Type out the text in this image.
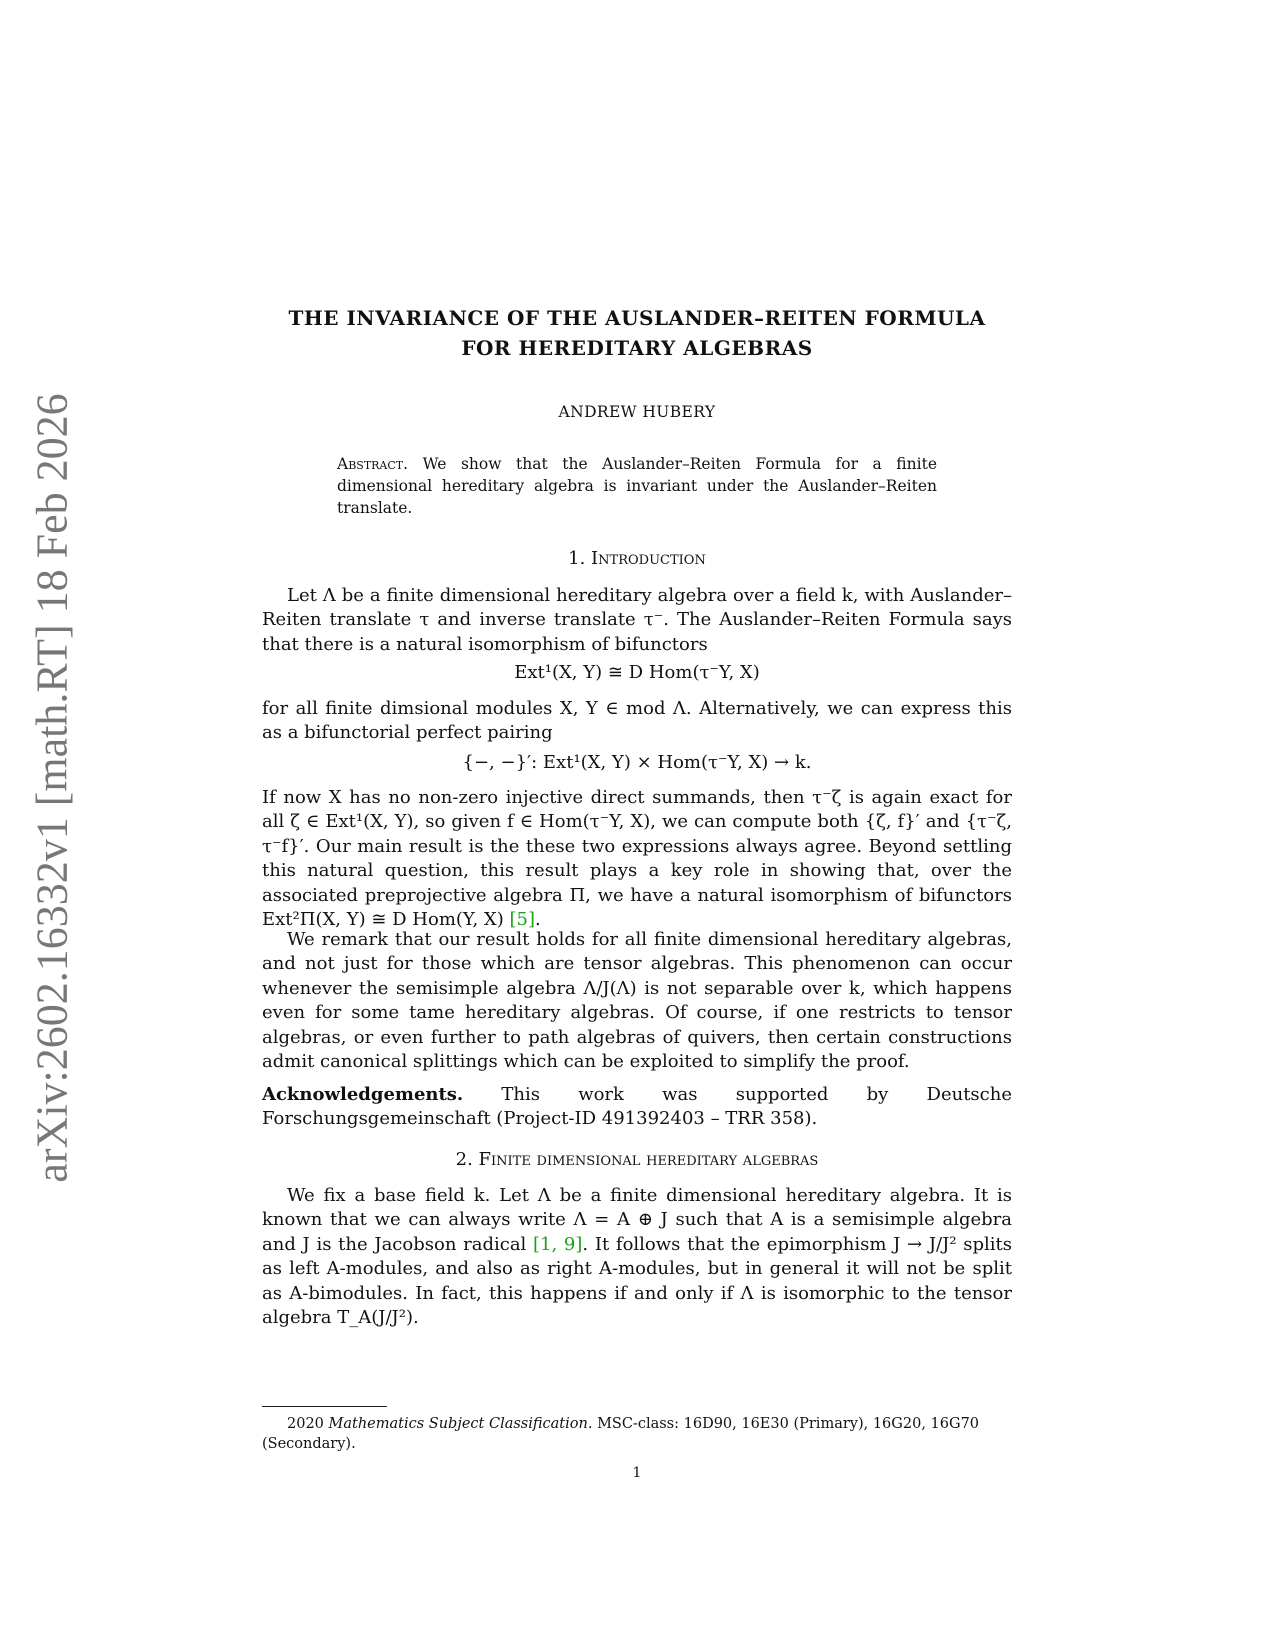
arXiv:2602.16332v1 [math.RT] 18 Feb 2026
THE INVARIANCE OF THE AUSLANDER–REITEN FORMULA
FOR HEREDITARY ALGEBRAS
ANDREW HUBERY
Abstract. We show that the Auslander–Reiten Formula for a finite dimensional hereditary algebra is invariant under the Auslander–Reiten translate.
1. Introduction
Let Λ be a finite dimensional hereditary algebra over a field k, with Auslander–Reiten translate τ and inverse translate τ⁻. The Auslander–Reiten Formula says that there is a natural isomorphism of bifunctors
Ext¹(X, Y) ≅ D Hom(τ⁻Y, X)
for all finite dimsional modules X, Y ∈ mod Λ. Alternatively, we can express this as a bifunctorial perfect pairing
{−, −}′: Ext¹(X, Y) × Hom(τ⁻Y, X) → k.
If now X has no non-zero injective direct summands, then τ⁻ζ is again exact for all ζ ∈ Ext¹(X, Y), so given f ∈ Hom(τ⁻Y, X), we can compute both {ζ, f}′ and {τ⁻ζ, τ⁻f}′. Our main result is the these two expressions always agree. Beyond settling this natural question, this result plays a key role in showing that, over the associated preprojective algebra Π, we have a natural isomorphism of bifunctors Ext²Π(X, Y) ≅ D Hom(Y, X) [5].
We remark that our result holds for all finite dimensional hereditary algebras, and not just for those which are tensor algebras. This phenomenon can occur whenever the semisimple algebra Λ/J(Λ) is not separable over k, which happens even for some tame hereditary algebras. Of course, if one restricts to tensor algebras, or even further to path algebras of quivers, then certain constructions admit canonical splittings which can be exploited to simplify the proof.
Acknowledgements. This work was supported by Deutsche Forschungsgemeinschaft (Project-ID 491392403 – TRR 358).
2. Finite dimensional hereditary algebras
We fix a base field k. Let Λ be a finite dimensional hereditary algebra. It is known that we can always write Λ = A ⊕ J such that A is a semisimple algebra and J is the Jacobson radical [1, 9]. It follows that the epimorphism J → J/J² splits as left A-modules, and also as right A-modules, but in general it will not be split as A-bimodules. In fact, this happens if and only if Λ is isomorphic to the tensor algebra T_A(J/J²).
2020 Mathematics Subject Classification. MSC-class: 16D90, 16E30 (Primary), 16G20, 16G70 (Secondary).
1
